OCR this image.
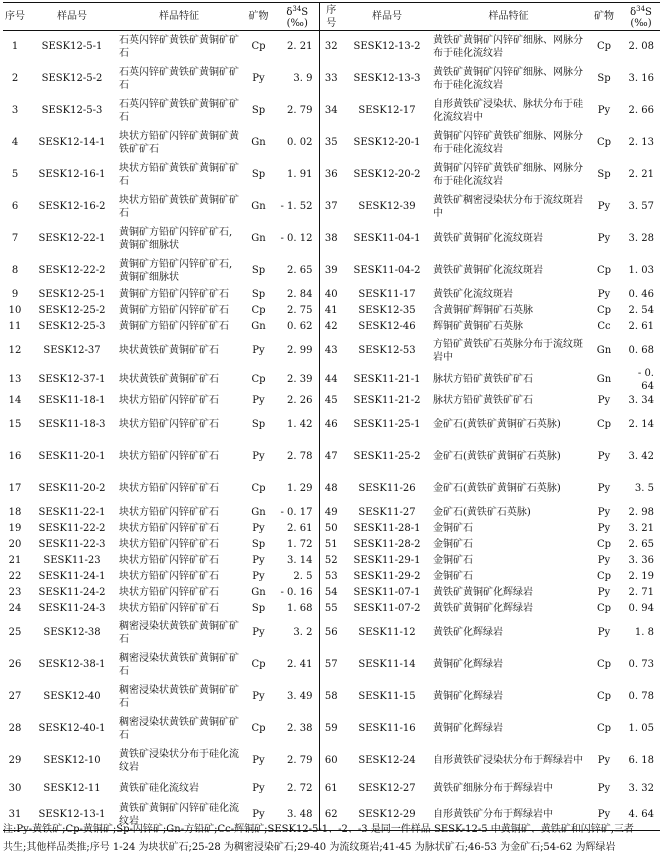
序号	样品号	样品特征	矿物	$\delta^{34}S$
(‰)	序号	样品号	样品特征	矿物	$\delta^{34}S$
(‰)
1	SESK12-5-1	石英闪锌矿黄铁矿黄铜矿矿石	Cp	2. 21	32	SESK12-13-2	黄铁矿黄铜矿闪锌矿细脉、网脉分布于硅化流纹岩	Cp	2. 08
2	SESK12-5-2	石英闪锌矿黄铁矿黄铜矿矿石	Py	3. 9	33	SESK12-13-3	黄铁矿黄铜矿闪锌矿细脉、网脉分布于硅化流纹岩	Sp	3. 16
3	SESK12-5-3	石英闪锌矿黄铁矿黄铜矿矿石	Sp	2. 79	34	SESK12-17	自形黄铁矿浸染状、脉状分布于硅化流纹岩中	Py	2. 66
4	SESK12-14-1	块状方铅矿闪锌矿黄铜矿黄铁矿矿石	Gn	0. 02	35	SESK12-20-1	黄铜矿闪锌矿黄铁矿细脉、网脉分布于硅化流纹岩	Cp	2. 13
5	SESK12-16-1	块状方铅矿黄铁矿黄铜矿矿石	Sp	1. 91	36	SESK12-20-2	黄铜矿闪锌矿黄铁矿细脉、网脉分布于硅化流纹岩	Sp	2. 21
6	SESK12-16-2	块状方铅矿黄铁矿黄铜矿矿石	Gn	- 1. 52	37	SESK12-39	黄铁矿稠密浸染状分布于流纹斑岩中	Py	3. 57
7	SESK12-22-1	黄铜矿方铅矿闪锌矿矿石,黄铜矿细脉状	Gn	- 0. 12	38	SESK11-04-1	黄铁矿黄铜矿化流纹斑岩	Py	3. 28
8	SESK12-22-2	黄铜矿方铅矿闪锌矿矿石,黄铜矿细脉状	Sp	2. 65	39	SESK11-04-2	黄铁矿黄铜矿化流纹斑岩	Cp	1. 03
9	SESK12-25-1	黄铜矿方铅矿闪锌矿矿石	Sp	2. 84	40	SESK11-17	黄铁矿化流纹斑岩	Py	0. 46
10	SESK12-25-2	黄铜矿方铅矿闪锌矿矿石	Cp	2. 75	41	SESK12-35	含黄铜矿辉铜矿石英脉	Cp	2. 54
11	SESK12-25-3	黄铜矿方铅矿闪锌矿矿石	Gn	0. 62	42	SESK12-46	辉铜矿黄铜矿石英脉	Cc	2. 61
12	SESK12-37	块状黄铁矿黄铜矿矿石	Py	2. 99	43	SESK12-53	方铅矿黄铁矿石英脉分布于流纹斑岩中	Gn	0. 68
13	SESK12-37-1	块状黄铁矿黄铜矿矿石	Cp	2. 39	44	SESK11-21-1	脉状方铅矿黄铁矿矿石	Gn	- 0. 64
14	SESK11-18-1	块状方铅矿闪锌矿矿石	Py	2. 26	45	SESK11-21-2	脉状方铅矿黄铁矿矿石	Py	3. 34
15	SESK11-18-3	块状方铅矿闪锌矿矿石	Sp	1. 42	46	SESK11-25-1	金矿石(黄铁矿黄铜矿石英脉)	Cp	2. 14
16	SESK11-20-1	块状方铅矿闪锌矿矿石	Py	2. 78	47	SESK11-25-2	金矿石(黄铁矿黄铜矿石英脉)	Py	3. 42
17	SESK11-20-2	块状方铅矿闪锌矿矿石	Cp	1. 29	48	SESK11-26	金矿石(黄铁矿黄铜矿石英脉)	Py	3. 5
18	SESK11-22-1	块状方铅矿闪锌矿矿石	Gn	- 0. 17	49	SESK11-27	金矿石(黄铁矿石英脉)	Py	2. 98
19	SESK11-22-2	块状方铅矿闪锌矿矿石	Py	2. 61	50	SESK11-28-1	金铜矿石	Py	3. 21
20	SESK11-22-3	块状方铅矿闪锌矿矿石	Sp	1. 72	51	SESK11-28-2	金铜矿石	Cp	2. 65
21	SESK11-23	块状方铅矿闪锌矿矿石	Py	3. 14	52	SESK11-29-1	金铜矿石	Py	3. 36
22	SESK11-24-1	块状方铅矿闪锌矿矿石	Py	2. 5	53	SESK11-29-2	金铜矿石	Cp	2. 19
23	SESK11-24-2	块状方铅矿闪锌矿矿石	Gn	- 0. 16	54	SESK11-07-1	黄铁矿黄铜矿化辉绿岩	Py	2. 71
24	SESK11-24-3	块状方铅矿闪锌矿矿石	Sp	1. 68	55	SESK11-07-2	黄铁矿黄铜矿化辉绿岩	Cp	0. 94
25	SESK12-38	稠密浸染状黄铁矿黄铜矿矿石	Py	3. 2	56	SESK11-12	黄铁矿化辉绿岩	Py	1. 8
26	SESK12-38-1	稠密浸染状黄铁矿黄铜矿矿石	Cp	2. 41	57	SESK11-14	黄铜矿化辉绿岩	Cp	0. 73
27	SESK12-40	稠密浸染状黄铁矿黄铜矿矿石	Py	3. 49	58	SESK11-15	黄铜矿化辉绿岩	Cp	0. 78
28	SESK12-40-1	稠密浸染状黄铁矿黄铜矿矿石	Cp	2. 38	59	SESK11-16	黄铜矿化辉绿岩	Cp	1. 05
29	SESK12-10	黄铁矿浸染状分布于硅化流纹岩	Py	2. 79	60	SESK12-24	自形黄铁矿浸染状分布于辉绿岩中	Py	6. 18
30	SESK12-11	黄铁矿硅化流纹岩	Py	2. 72	61	SESK12-27	黄铁矿细脉分布于辉绿岩中	Py	3. 32
31	SESK12-13-1	黄铁矿黄铜矿闪锌矿硅化流纹岩	Py	3. 48	62	SESK12-29	自形黄铁矿分布于辉绿岩中	Py	4. 64
注:Py-黄铁矿;Cp-黄铜矿;Sp-闪锌矿;Gn-方铅矿;Cc-辉铜矿;SESK12-5-1、-2、-3 是同一件样品 SESK-12-5 中黄铜矿、黄铁矿和闪锌矿,三者共生;其他样品类推;序号 1-24 为块状矿石;25-28 为稠密浸染矿石;29-40 为流纹斑岩;41-45 为脉状矿石;46-53 为金矿石;54-62 为辉绿岩
